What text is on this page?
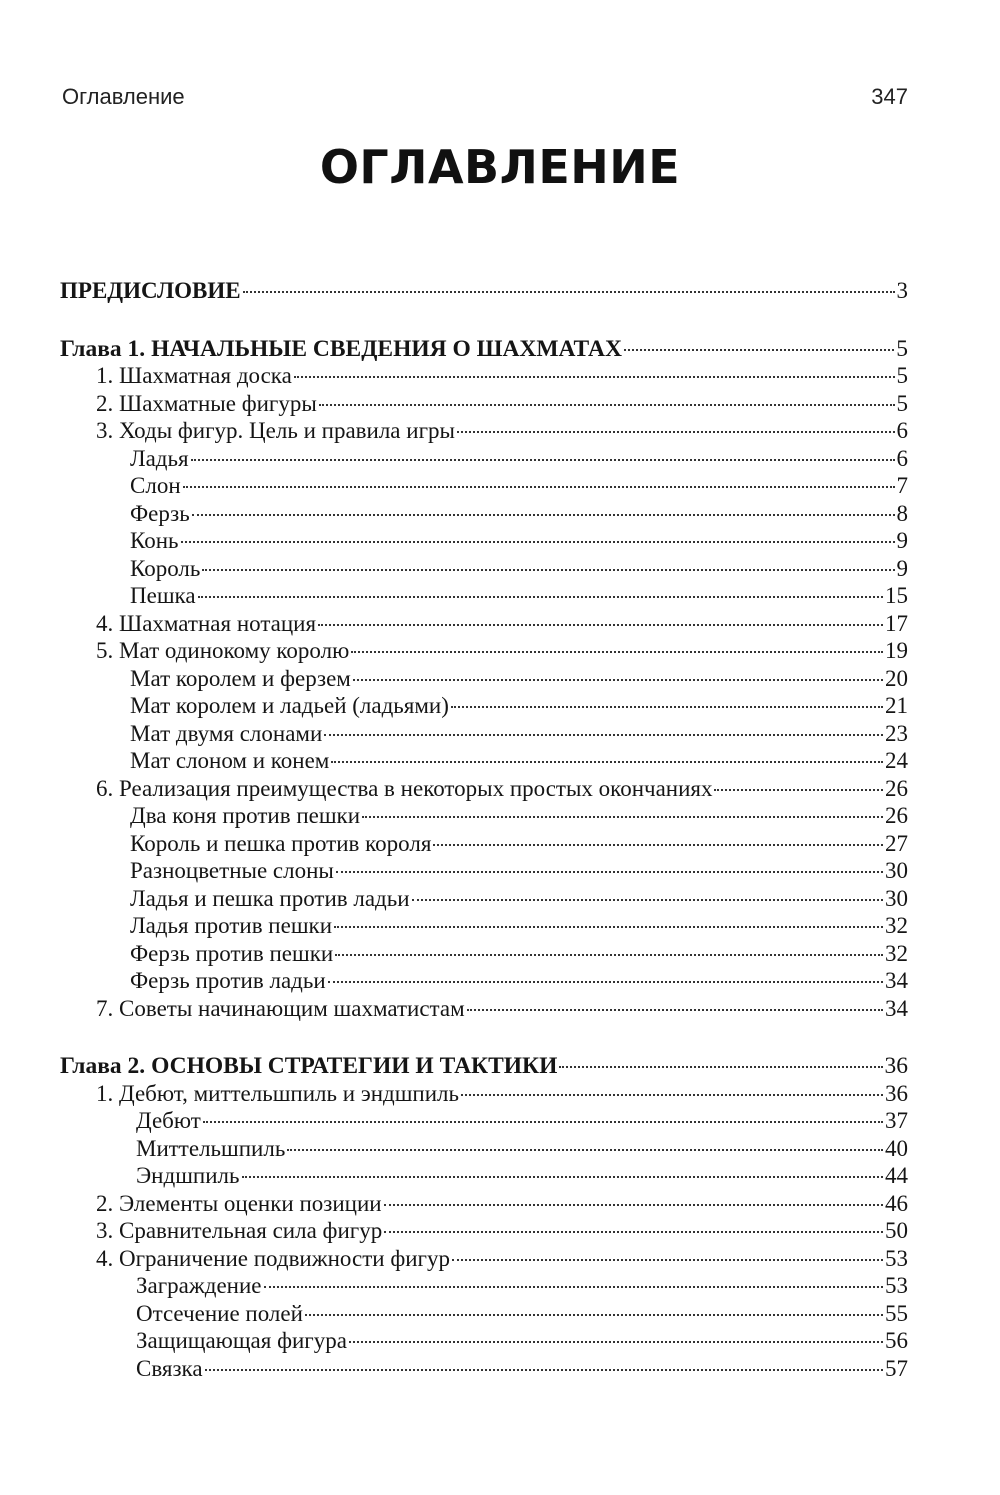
Оглавление	347
ОГЛАВЛЕНИЕ
ПРЕДИСЛОВИЕ	3
Глава 1. НАЧАЛЬНЫЕ СВЕДЕНИЯ О ШАХМАТАХ	5
1. Шахматная доска	5
2. Шахматные фигуры	5
3. Ходы фигур. Цель и правила игры	6
Ладья	6
Слон	7
Ферзь	8
Конь	9
Король	9
Пешка	15
4. Шахматная нотация	17
5. Мат одинокому королю	19
Мат королем и ферзем	20
Мат королем и ладьей (ладьями)	21
Мат двумя слонами	23
Мат слоном и конем	24
6. Реализация преимущества в некоторых простых окончаниях	26
Два коня против пешки	26
Король и пешка против короля	27
Разноцветные слоны	30
Ладья и пешка против ладьи	30
Ладья против пешки	32
Ферзь против пешки	32
Ферзь против ладьи	34
7. Советы начинающим шахматистам	34
Глава 2. ОСНОВЫ СТРАТЕГИИ И ТАКТИКИ	36
1. Дебют, миттельшпиль и эндшпиль	36
Дебют	37
Миттельшпиль	40
Эндшпиль	44
2. Элементы оценки позиции	46
3. Сравнительная сила фигур	50
4. Ограничение подвижности фигур	53
Заграждение	53
Отсечение полей	55
Защищающая фигура	56
Связка	57
